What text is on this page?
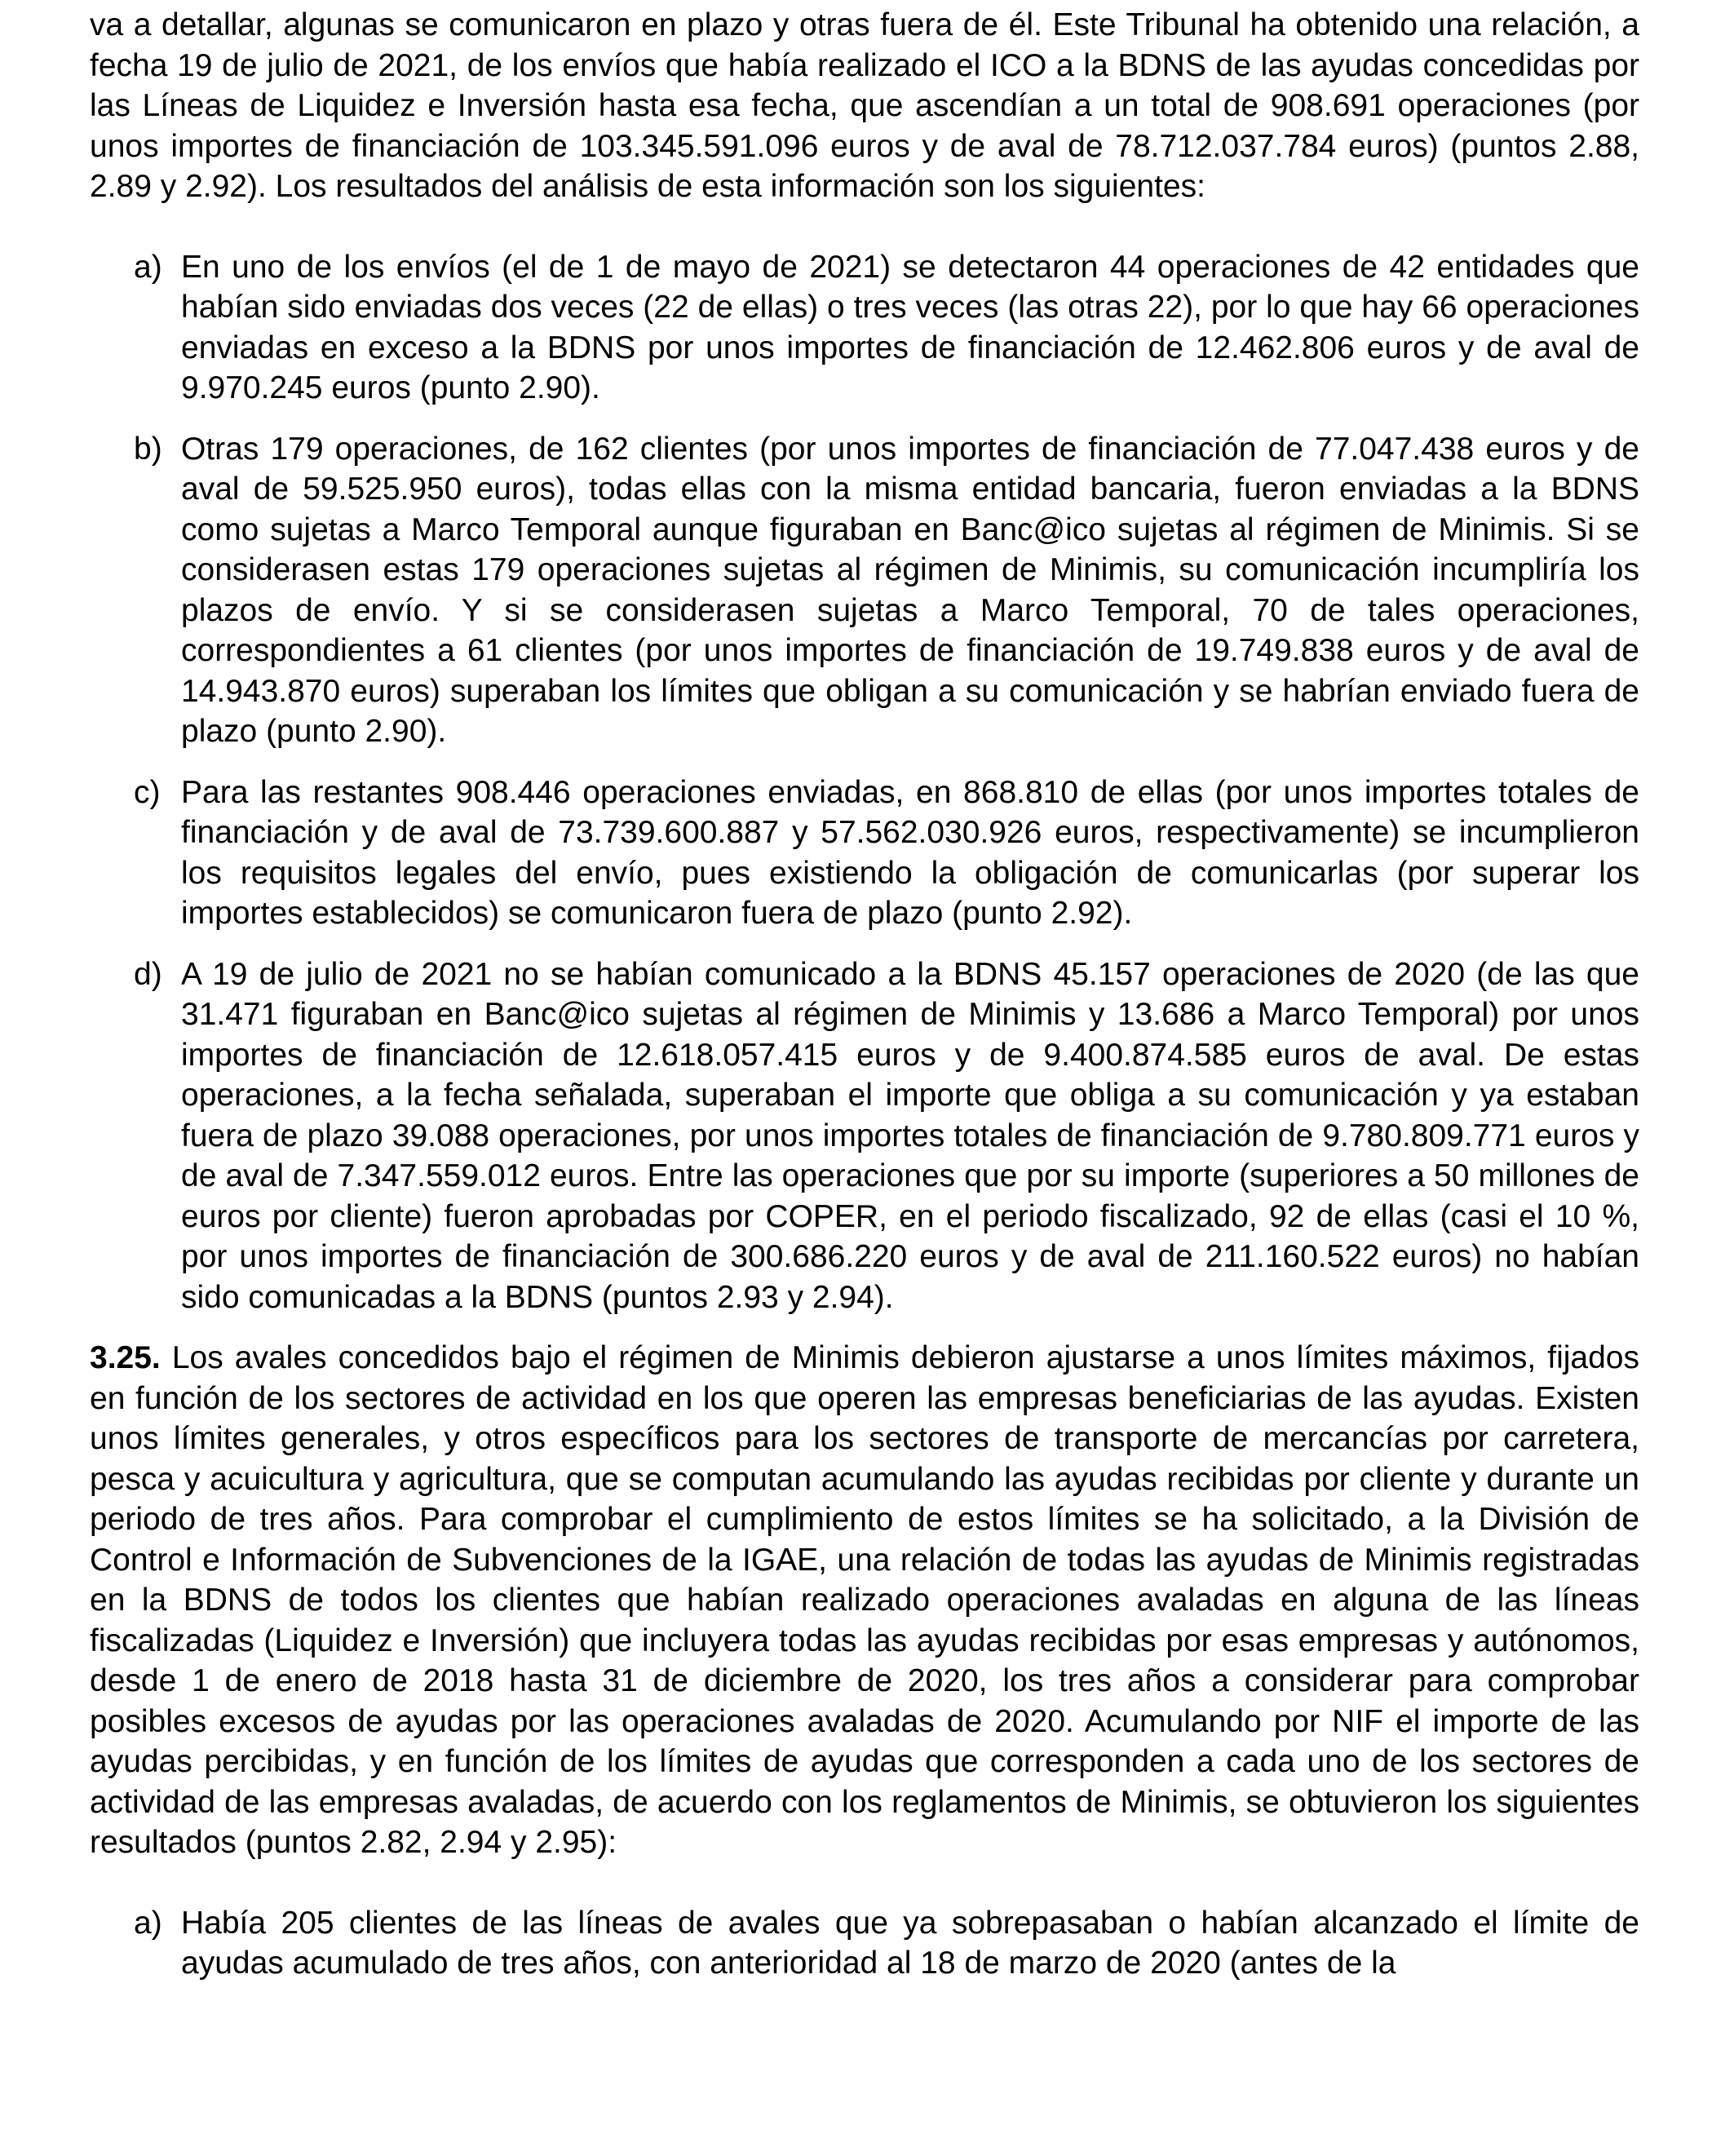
va a detallar, algunas se comunicaron en plazo y otras fuera de él. Este Tribunal ha obtenido una relación, a fecha 19 de julio de 2021, de los envíos que había realizado el ICO a la BDNS de las ayudas concedidas por las Líneas de Liquidez e Inversión hasta esa fecha, que ascendían a un total de 908.691 operaciones (por unos importes de financiación de 103.345.591.096 euros y de aval de 78.712.037.784 euros) (puntos 2.88, 2.89 y 2.92). Los resultados del análisis de esta información son los siguientes:

a) En uno de los envíos (el de 1 de mayo de 2021) se detectaron 44 operaciones de 42 entidades que habían sido enviadas dos veces (22 de ellas) o tres veces (las otras 22), por lo que hay 66 operaciones enviadas en exceso a la BDNS por unos importes de financiación de 12.462.806 euros y de aval de 9.970.245 euros (punto 2.90).

b) Otras 179 operaciones, de 162 clientes (por unos importes de financiación de 77.047.438 euros y de aval de 59.525.950 euros), todas ellas con la misma entidad bancaria, fueron enviadas a la BDNS como sujetas a Marco Temporal aunque figuraban en Banc@ico sujetas al régimen de Minimis. Si se considerasen estas 179 operaciones sujetas al régimen de Minimis, su comunicación incumpliría los plazos de envío. Y si se considerasen sujetas a Marco Temporal, 70 de tales operaciones, correspondientes a 61 clientes (por unos importes de financiación de 19.749.838 euros y de aval de 14.943.870 euros) superaban los límites que obligan a su comunicación y se habrían enviado fuera de plazo (punto 2.90).

c) Para las restantes 908.446 operaciones enviadas, en 868.810 de ellas (por unos importes totales de financiación y de aval de 73.739.600.887 y 57.562.030.926 euros, respectivamente) se incumplieron los requisitos legales del envío, pues existiendo la obligación de comunicarlas (por superar los importes establecidos) se comunicaron fuera de plazo (punto 2.92).

d) A 19 de julio de 2021 no se habían comunicado a la BDNS 45.157 operaciones de 2020 (de las que 31.471 figuraban en Banc@ico sujetas al régimen de Minimis y 13.686 a Marco Temporal) por unos importes de financiación de 12.618.057.415 euros y de 9.400.874.585 euros de aval. De estas operaciones, a la fecha señalada, superaban el importe que obliga a su comunicación y ya estaban fuera de plazo 39.088 operaciones, por unos importes totales de financiación de 9.780.809.771 euros y de aval de 7.347.559.012 euros. Entre las operaciones que por su importe (superiores a 50 millones de euros por cliente) fueron aprobadas por COPER, en el periodo fiscalizado, 92 de ellas (casi el 10 %, por unos importes de financiación de 300.686.220 euros y de aval de 211.160.522 euros) no habían sido comunicadas a la BDNS (puntos 2.93 y 2.94).

3.25. Los avales concedidos bajo el régimen de Minimis debieron ajustarse a unos límites máximos, fijados en función de los sectores de actividad en los que operen las empresas beneficiarias de las ayudas. Existen unos límites generales, y otros específicos para los sectores de transporte de mercancías por carretera, pesca y acuicultura y agricultura, que se computan acumulando las ayudas recibidas por cliente y durante un periodo de tres años. Para comprobar el cumplimiento de estos límites se ha solicitado, a la División de Control e Información de Subvenciones de la IGAE, una relación de todas las ayudas de Minimis registradas en la BDNS de todos los clientes que habían realizado operaciones avaladas en alguna de las líneas fiscalizadas (Liquidez e Inversión) que incluyera todas las ayudas recibidas por esas empresas y autónomos, desde 1 de enero de 2018 hasta 31 de diciembre de 2020, los tres años a considerar para comprobar posibles excesos de ayudas por las operaciones avaladas de 2020. Acumulando por NIF el importe de las ayudas percibidas, y en función de los límites de ayudas que corresponden a cada uno de los sectores de actividad de las empresas avaladas, de acuerdo con los reglamentos de Minimis, se obtuvieron los siguientes resultados (puntos 2.82, 2.94 y 2.95):

a) Había 205 clientes de las líneas de avales que ya sobrepasaban o habían alcanzado el límite de ayudas acumulado de tres años, con anterioridad al 18 de marzo de 2020 (antes de la
